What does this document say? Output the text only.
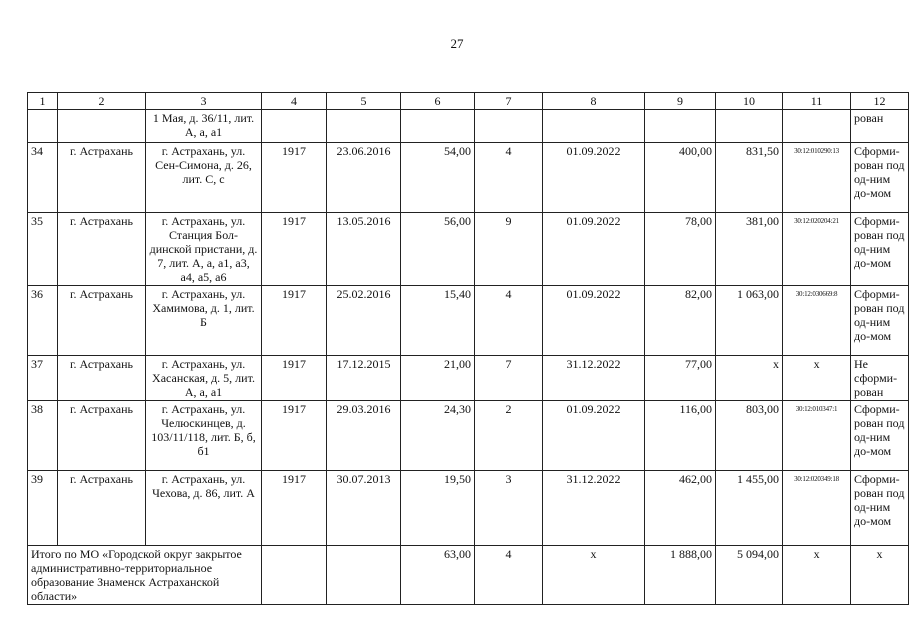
27
1	2	3	4	5	6	7	8	9	10	11	12
		1 Мая, д. 36/11, лит. А, а, а1									рован
34	г. Астрахань	г. Астрахань, ул. Сен-Симона, д. 26, лит. С, с	1917	23.06.2016	54,00	4	01.09.2022	400,00	831,50	30:12:010290:13	Сформи-рован под од-ним до-мом
35	г. Астрахань	г. Астрахань, ул. Станция Бол-динской пристани, д. 7, лит. А, а, а1, а3, а4, а5, а6	1917	13.05.2016	56,00	9	01.09.2022	78,00	381,00	30:12:020204:21	Сформи-рован под од-ним до-мом
36	г. Астрахань	г. Астрахань, ул. Хамимова, д. 1, лит. Б	1917	25.02.2016	15,40	4	01.09.2022	82,00	1 063,00	30:12:030669:8	Сформи-рован под од-ним до-мом
37	г. Астрахань	г. Астрахань, ул. Хасанская, д. 5, лит. А, а, а1	1917	17.12.2015	21,00	7	31.12.2022	77,00	х	х	Не сформи-рован
38	г. Астрахань	г. Астрахань, ул. Челюскинцев, д. 103/11/118, лит. Б, б, б1	1917	29.03.2016	24,30	2	01.09.2022	116,00	803,00	30:12:010347:1	Сформи-рован под од-ним до-мом
39	г. Астрахань	г. Астрахань, ул. Чехова, д. 86, лит. А	1917	30.07.2013	19,50	3	31.12.2022	462,00	1 455,00	30:12:020349:18	Сформи-рован под од-ним до-мом
Итого по МО «Городской округ закрытое административно-территориальное образование Знаменск Астраханской области»					63,00	4	х	1 888,00	5 094,00	х	х
